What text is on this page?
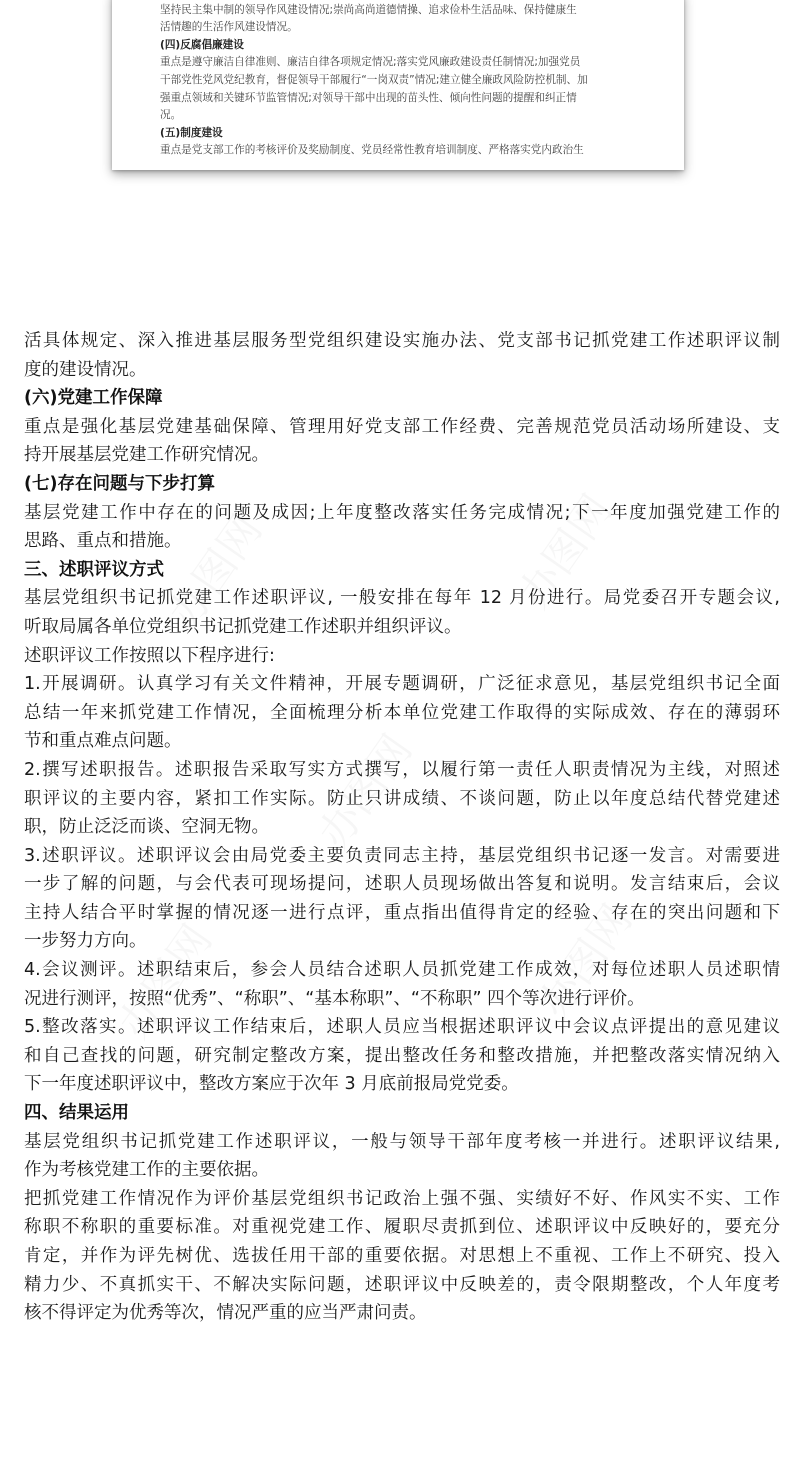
坚持民主集中制的领导作风建设情况;崇尚高尚道德情操、追求俭朴生活品味、保持健康生
活情趣的生活作风建设情况。
(四)反腐倡廉建设
重点是遵守廉洁自律准则、廉洁自律各项规定情况;落实党风廉政建设责任制情况;加强党员
干部党性党风党纪教育，督促领导干部履行“一岗双责”情况;建立健全廉政风险防控机制、加
强重点领域和关键环节监管情况;对领导干部中出现的苗头性、倾向性问题的提醒和纠正情
况。
(五)制度建设
重点是党支部工作的考核评价及奖励制度、党员经常性教育培训制度、严格落实党内政治生
活具体规定、深入推进基层服务型党组织建设实施办法、党支部书记抓党建工作述职评议制
度的建设情况。
(六)党建工作保障
重点是强化基层党建基础保障、管理用好党支部工作经费、完善规范党员活动场所建设、支
持开展基层党建工作研究情况。
(七)存在问题与下步打算
基层党建工作中存在的问题及成因;上年度整改落实任务完成情况;下一年度加强党建工作的
思路、重点和措施。
三、述职评议方式
基层党组织书记抓党建工作述职评议, 一般安排在每年 12 月份进行。局党委召开专题会议,
听取局属各单位党组织书记抓党建工作述职并组织评议。
述职评议工作按照以下程序进行:
1.开展调研。认真学习有关文件精神，开展专题调研，广泛征求意见，基层党组织书记全面
总结一年来抓党建工作情况，全面梳理分析本单位党建工作取得的实际成效、存在的薄弱环
节和重点难点问题。
2.撰写述职报告。述职报告采取写实方式撰写，以履行第一责任人职责情况为主线，对照述
职评议的主要内容，紧扣工作实际。防止只讲成绩、不谈问题，防止以年度总结代替党建述
职，防止泛泛而谈、空洞无物。
3.述职评议。述职评议会由局党委主要负责同志主持，基层党组织书记逐一发言。对需要进
一步了解的问题，与会代表可现场提问，述职人员现场做出答复和说明。发言结束后，会议
主持人结合平时掌握的情况逐一进行点评，重点指出值得肯定的经验、存在的突出问题和下
一步努力方向。
4.会议测评。述职结束后，参会人员结合述职人员抓党建工作成效，对每位述职人员述职情
况进行测评，按照“优秀”、“称职”、“基本称职”、“不称职” 四个等次进行评价。
5.整改落实。述职评议工作结束后，述职人员应当根据述职评议中会议点评提出的意见建议
和自己查找的问题，研究制定整改方案，提出整改任务和整改措施，并把整改落实情况纳入
下一年度述职评议中，整改方案应于次年 3 月底前报局党党委。
四、结果运用
基层党组织书记抓党建工作述职评议，一般与领导干部年度考核一并进行。述职评议结果,
作为考核党建工作的主要依据。
把抓党建工作情况作为评价基层党组织书记政治上强不强、实绩好不好、作风实不实、工作
称职不称职的重要标准。对重视党建工作、履职尽责抓到位、述职评议中反映好的，要充分
肯定，并作为评先树优、选拔任用干部的重要依据。对思想上不重视、工作上不研究、投入
精力少、不真抓实干、不解决实际问题，述职评议中反映差的，责令限期整改，个人年度考
核不得评定为优秀等次，情况严重的应当严肃问责。
